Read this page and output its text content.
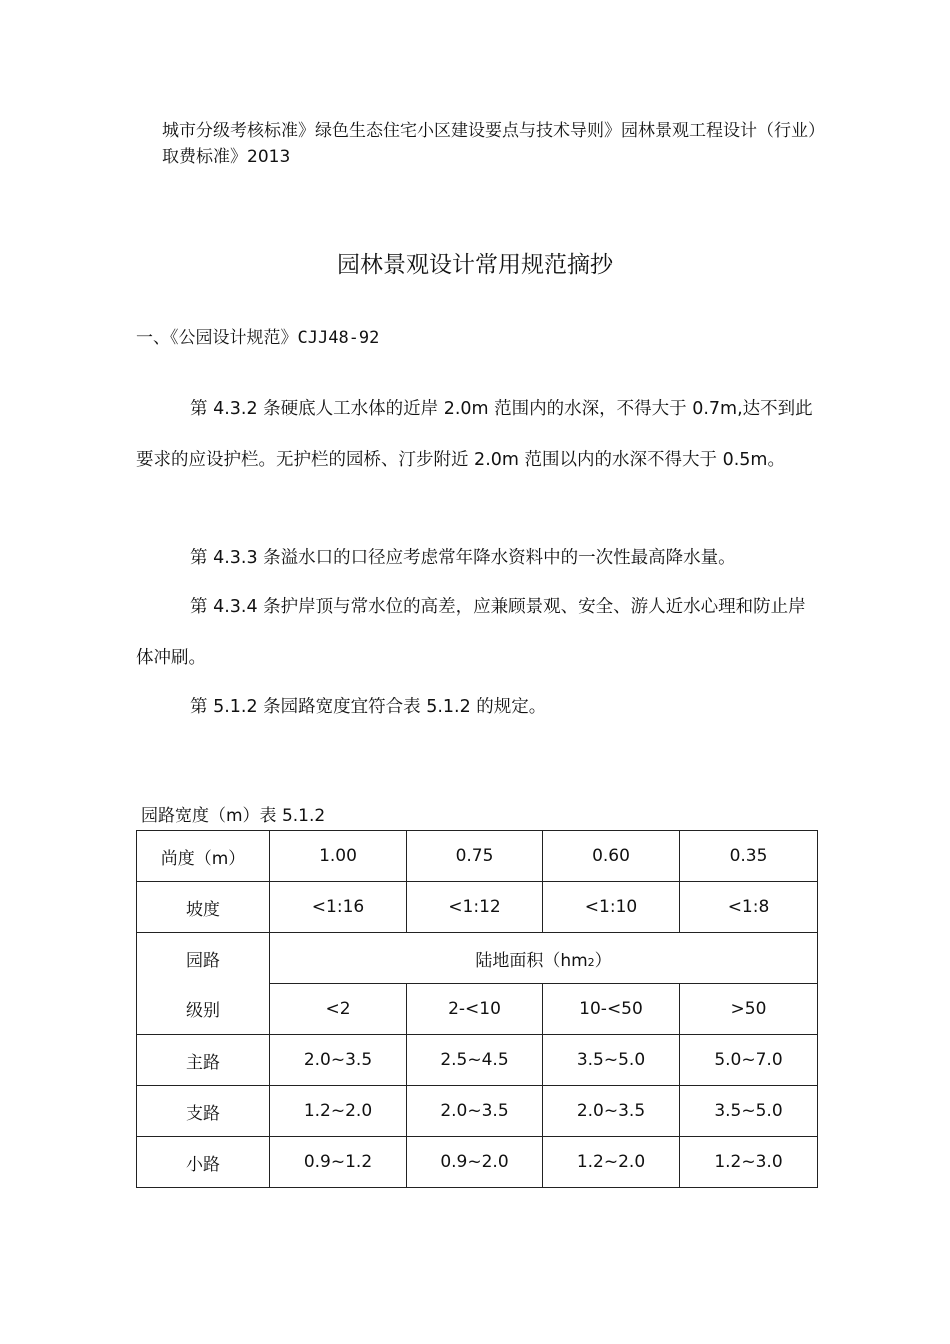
城市分级考核标准》绿色生态住宅小区建设要点与技术导则》园林景观工程设计（行业）取费标准》2013
园林景观设计常用规范摘抄
一、《公园设计规范》CJJ48-92
第 4.3.2 条硬底人工水体的近岸 2.0m 范围内的水深，不得大于 0.7m,达不到此要求的应设护栏。无护栏的园桥、汀步附近 2.0m 范围以内的水深不得大于 0.5m。
第 4.3.3 条溢水口的口径应考虑常年降水资料中的一次性最高降水量。
第 4.3.4 条护岸顶与常水位的高差，应兼顾景观、安全、游人近水心理和防止岸体冲刷。
第 5.1.2 条园路宽度宜符合表 5.1.2 的规定。
园路宽度（m）表 5.1.2
尚度（m）	1.00	0.75	0.60	0.35
坡度	<1:16	<1:12	<1:10	<1:8
园路	陆地面积（hm2）			
级别	<2	2-<10	10-<50	>50
主路	2.0~3.5	2.5~4.5	3.5~5.0	5.0~7.0
支路	1.2~2.0	2.0~3.5	2.0~3.5	3.5~5.0
小路	0.9~1.2	0.9~2.0	1.2~2.0	1.2~3.0
